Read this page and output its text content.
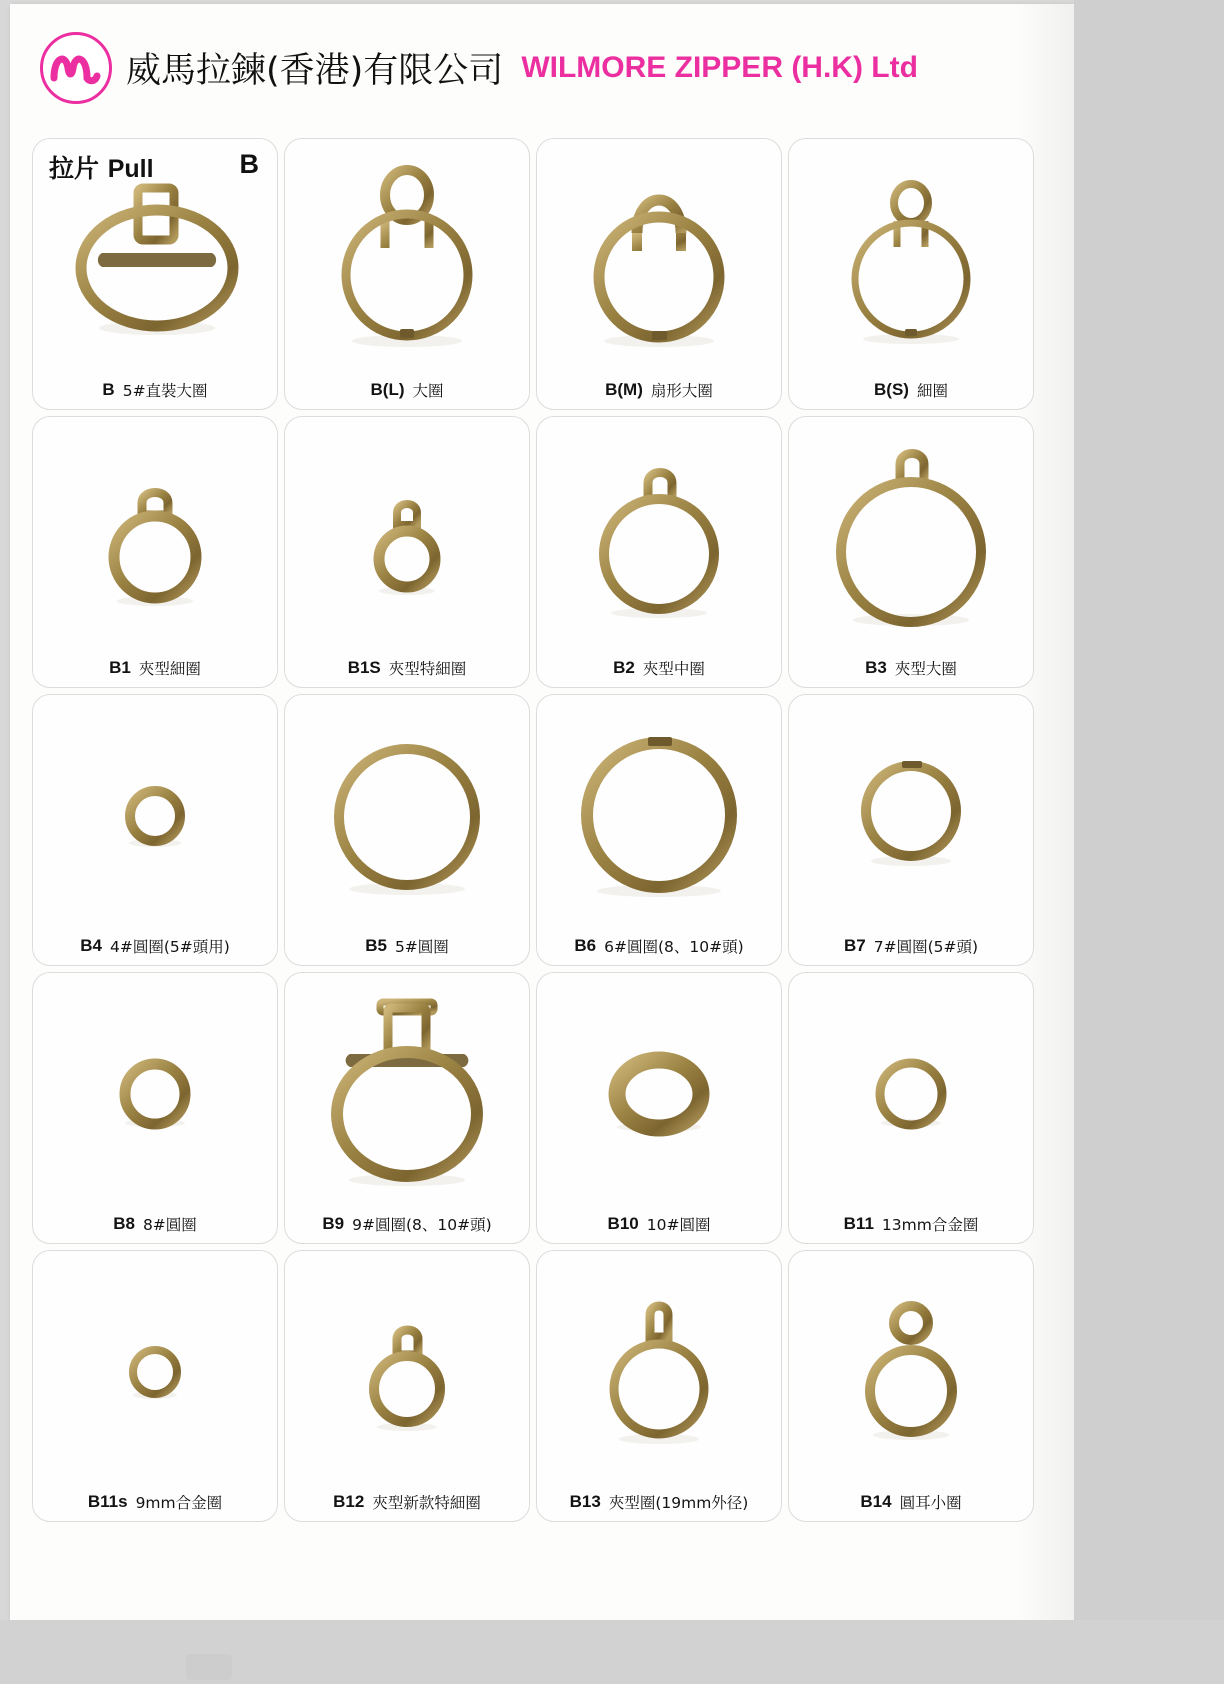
威馬拉鍊(香港)有限公司 WILMORE ZIPPER (H.K) Ltd
拉片 Pull	B
B 5#直裝大圈	B(L) 大圈	B(M) 扇形大圈	B(S) 細圈
B1 夾型細圈	B1S 夾型特細圈	B2 夾型中圈	B3 夾型大圈
B4 4#圓圈(5#頭用)	B5 5#圓圈	B6 6#圓圈(8、10#頭)	B7 7#圓圈(5#頭)
B8 8#圓圈	B9 9#圓圈(8、10#頭)	B10 10#圓圈	B11 13mm合金圈
B11s 9mm合金圈	B12 夾型新款特細圈	B13 夾型圈(19mm外径)	B14 圓耳小圈
